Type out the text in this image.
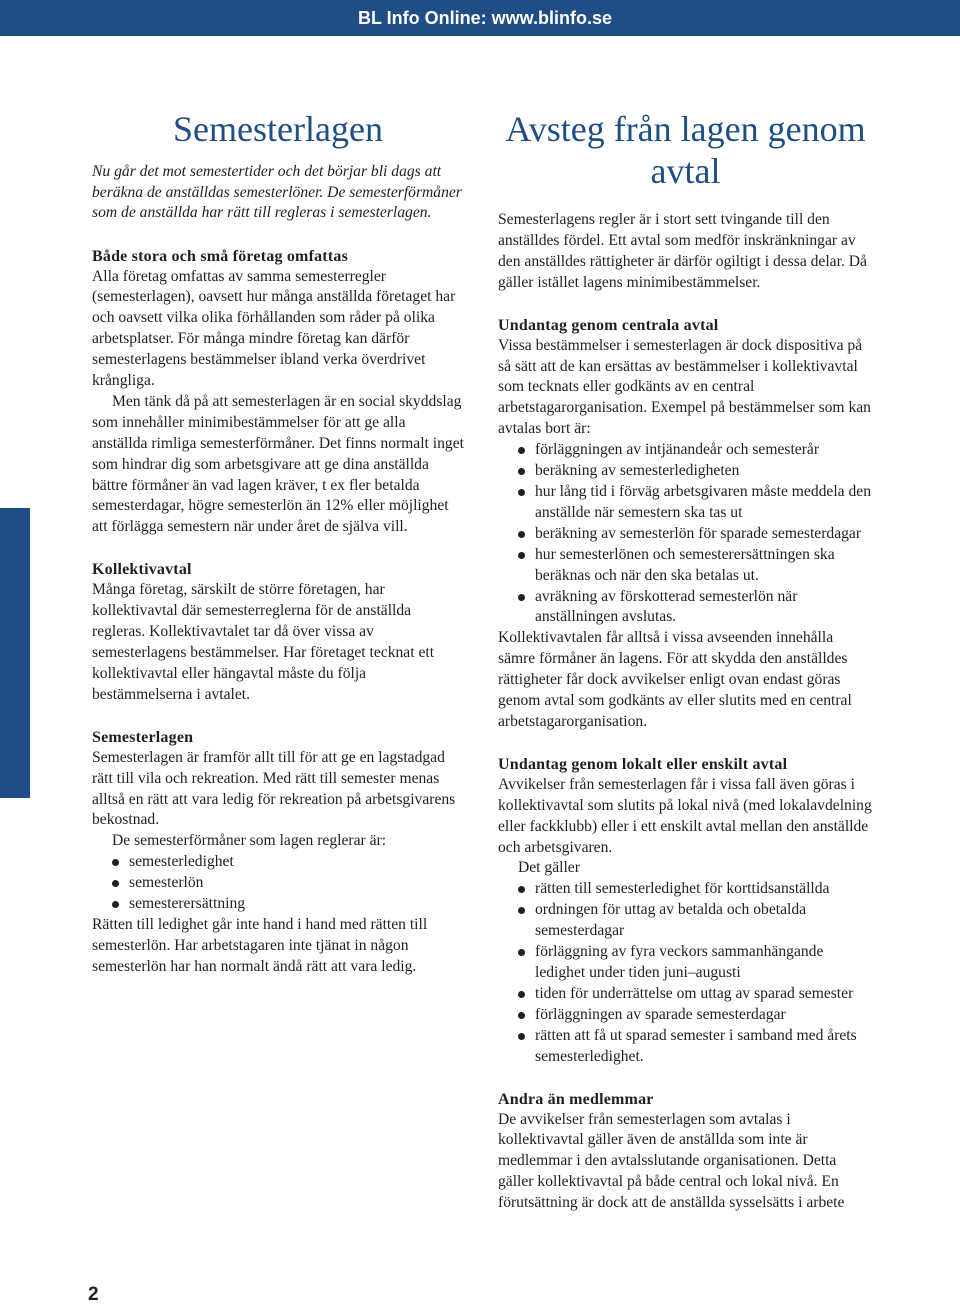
BL Info Online: www.blinfo.se
Semesterlagen

Nu går det mot semestertider och det börjar bli dags att beräkna de anställdas semesterlöner. De semesterförmåner som de anställda har rätt till regleras i semesterlagen.

Både stora och små företag omfattas

Alla företag omfattas av samma semesterregler (semesterlagen), oavsett hur många anställda företaget har och oavsett vilka olika förhållanden som råder på olika arbetsplatser. För många mindre företag kan därför semesterlagens bestämmelser ibland verka överdrivet krångliga.

Men tänk då på att semesterlagen är en social skyddslag som innehåller minimibestämmelser för att ge alla anställda rimliga semesterförmåner. Det finns normalt inget som hindrar dig som arbetsgivare att ge dina anställda bättre förmåner än vad lagen kräver, t ex fler betalda semesterdagar, högre semesterlön än 12% eller möjlighet att förlägga semestern när under året de själva vill.

Kollektivavtal

Många företag, särskilt de större företagen, har kollektivavtal där semesterreglerna för de anställda regleras. Kollektivavtalet tar då över vissa av semesterlagens bestämmelser. Har företaget tecknat ett kollektivavtal eller hängavtal måste du följa bestämmelserna i avtalet.

Semesterlagen

Semesterlagen är framför allt till för att ge en lagstadgad rätt till vila och rekreation. Med rätt till semester menas alltså en rätt att vara ledig för rekreation på arbetsgivarens bekostnad.

De semesterförmåner som lagen reglerar är:

semesterledighet
semesterlön
semesterersättning

Rätten till ledighet går inte hand i hand med rätten till semesterlön. Har arbetstagaren inte tjänat in någon semesterlön har han normalt ändå rätt att vara ledig.

Avsteg från lagen genom avtal

Semesterlagens regler är i stort sett tvingande till den anställdes fördel. Ett avtal som medför inskränkningar av den anställdes rättigheter är därför ogiltigt i dessa delar. Då gäller istället lagens minimibestämmelser.

Undantag genom centrala avtal

Vissa bestämmelser i semesterlagen är dock dispositiva på så sätt att de kan ersättas av bestämmelser i kollektivavtal som tecknats eller godkänts av en central arbetstagarorganisation. Exempel på bestämmelser som kan avtalas bort är:

förläggningen av intjänandeår och semesterår
beräkning av semesterledigheten
hur lång tid i förväg arbetsgivaren måste meddela den anställde när semestern ska tas ut
beräkning av semesterlön för sparade semesterdagar
hur semesterlönen och semesterersättningen ska beräknas och när den ska betalas ut.
avräkning av förskotterad semesterlön när anställningen avslutas.

Kollektivavtalen får alltså i vissa avseenden innehålla sämre förmåner än lagens. För att skydda den anställdes rättigheter får dock avvikelser enligt ovan endast göras genom avtal som godkänts av eller slutits med en central arbetstagarorganisation.

Undantag genom lokalt eller enskilt avtal

Avvikelser från semesterlagen får i vissa fall även göras i kollektivavtal som slutits på lokal nivå (med lokalavdelning eller fackklubb) eller i ett enskilt avtal mellan den anställde och arbetsgivaren.

Det gäller

rätten till semesterledighet för korttidsanställda
ordningen för uttag av betalda och obetalda semesterdagar
förläggning av fyra veckors sammanhängande ledighet under tiden juni–augusti
tiden för underrättelse om uttag av sparad semester
förläggningen av sparade semesterdagar
rätten att få ut sparad semester i samband med årets semesterledighet.
Andra än medlemmar

De avvikelser från semesterlagen som avtalas i kollektivavtal gäller även de anställda som inte är medlemmar i den avtalsslutande organisationen. Detta gäller kollektivavtal på både central och lokal nivå. En förutsättning är dock att de anställda sysselsätts i arbete

2
